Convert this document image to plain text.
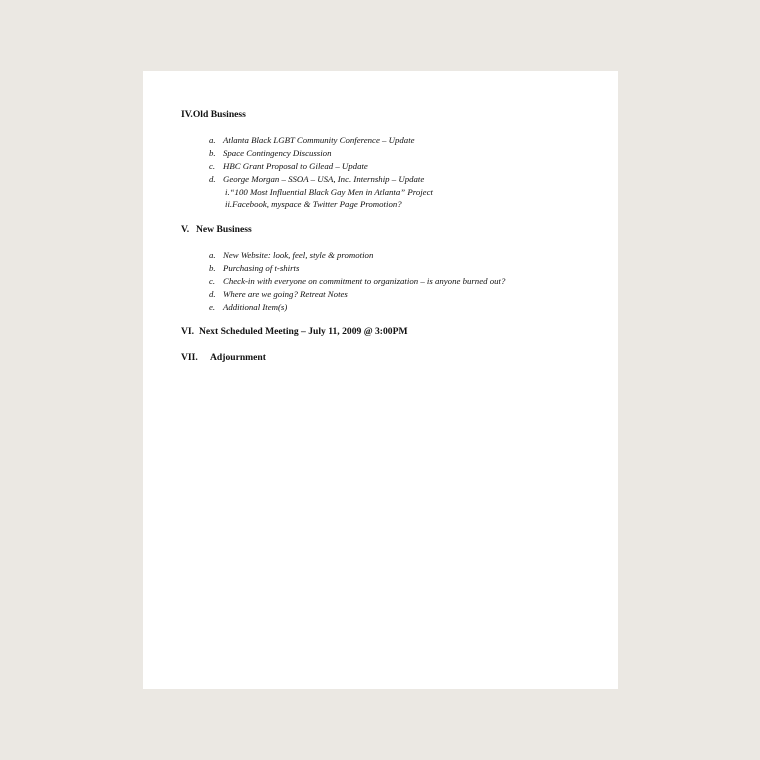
IV.Old Business
a. Atlanta Black LGBT Community Conference – Update
b. Space Contingency Discussion
c. HBC Grant Proposal to Gilead – Update
d. George Morgan – SSOA – USA, Inc. Internship – Update
i.“100 Most Influential Black Gay Men in Atlanta” Project
ii.Facebook, myspace & Twitter Page Promotion?
V. New Business
a. New Website: look, feel, style & promotion
b. Purchasing of t-shirts
c. Check-in with everyone on commitment to organization – is anyone burned out?
d. Where are we going? Retreat Notes
e. Additional Item(s)
VI. Next Scheduled Meeting – July 11, 2009 @ 3:00PM
VII. Adjournment
